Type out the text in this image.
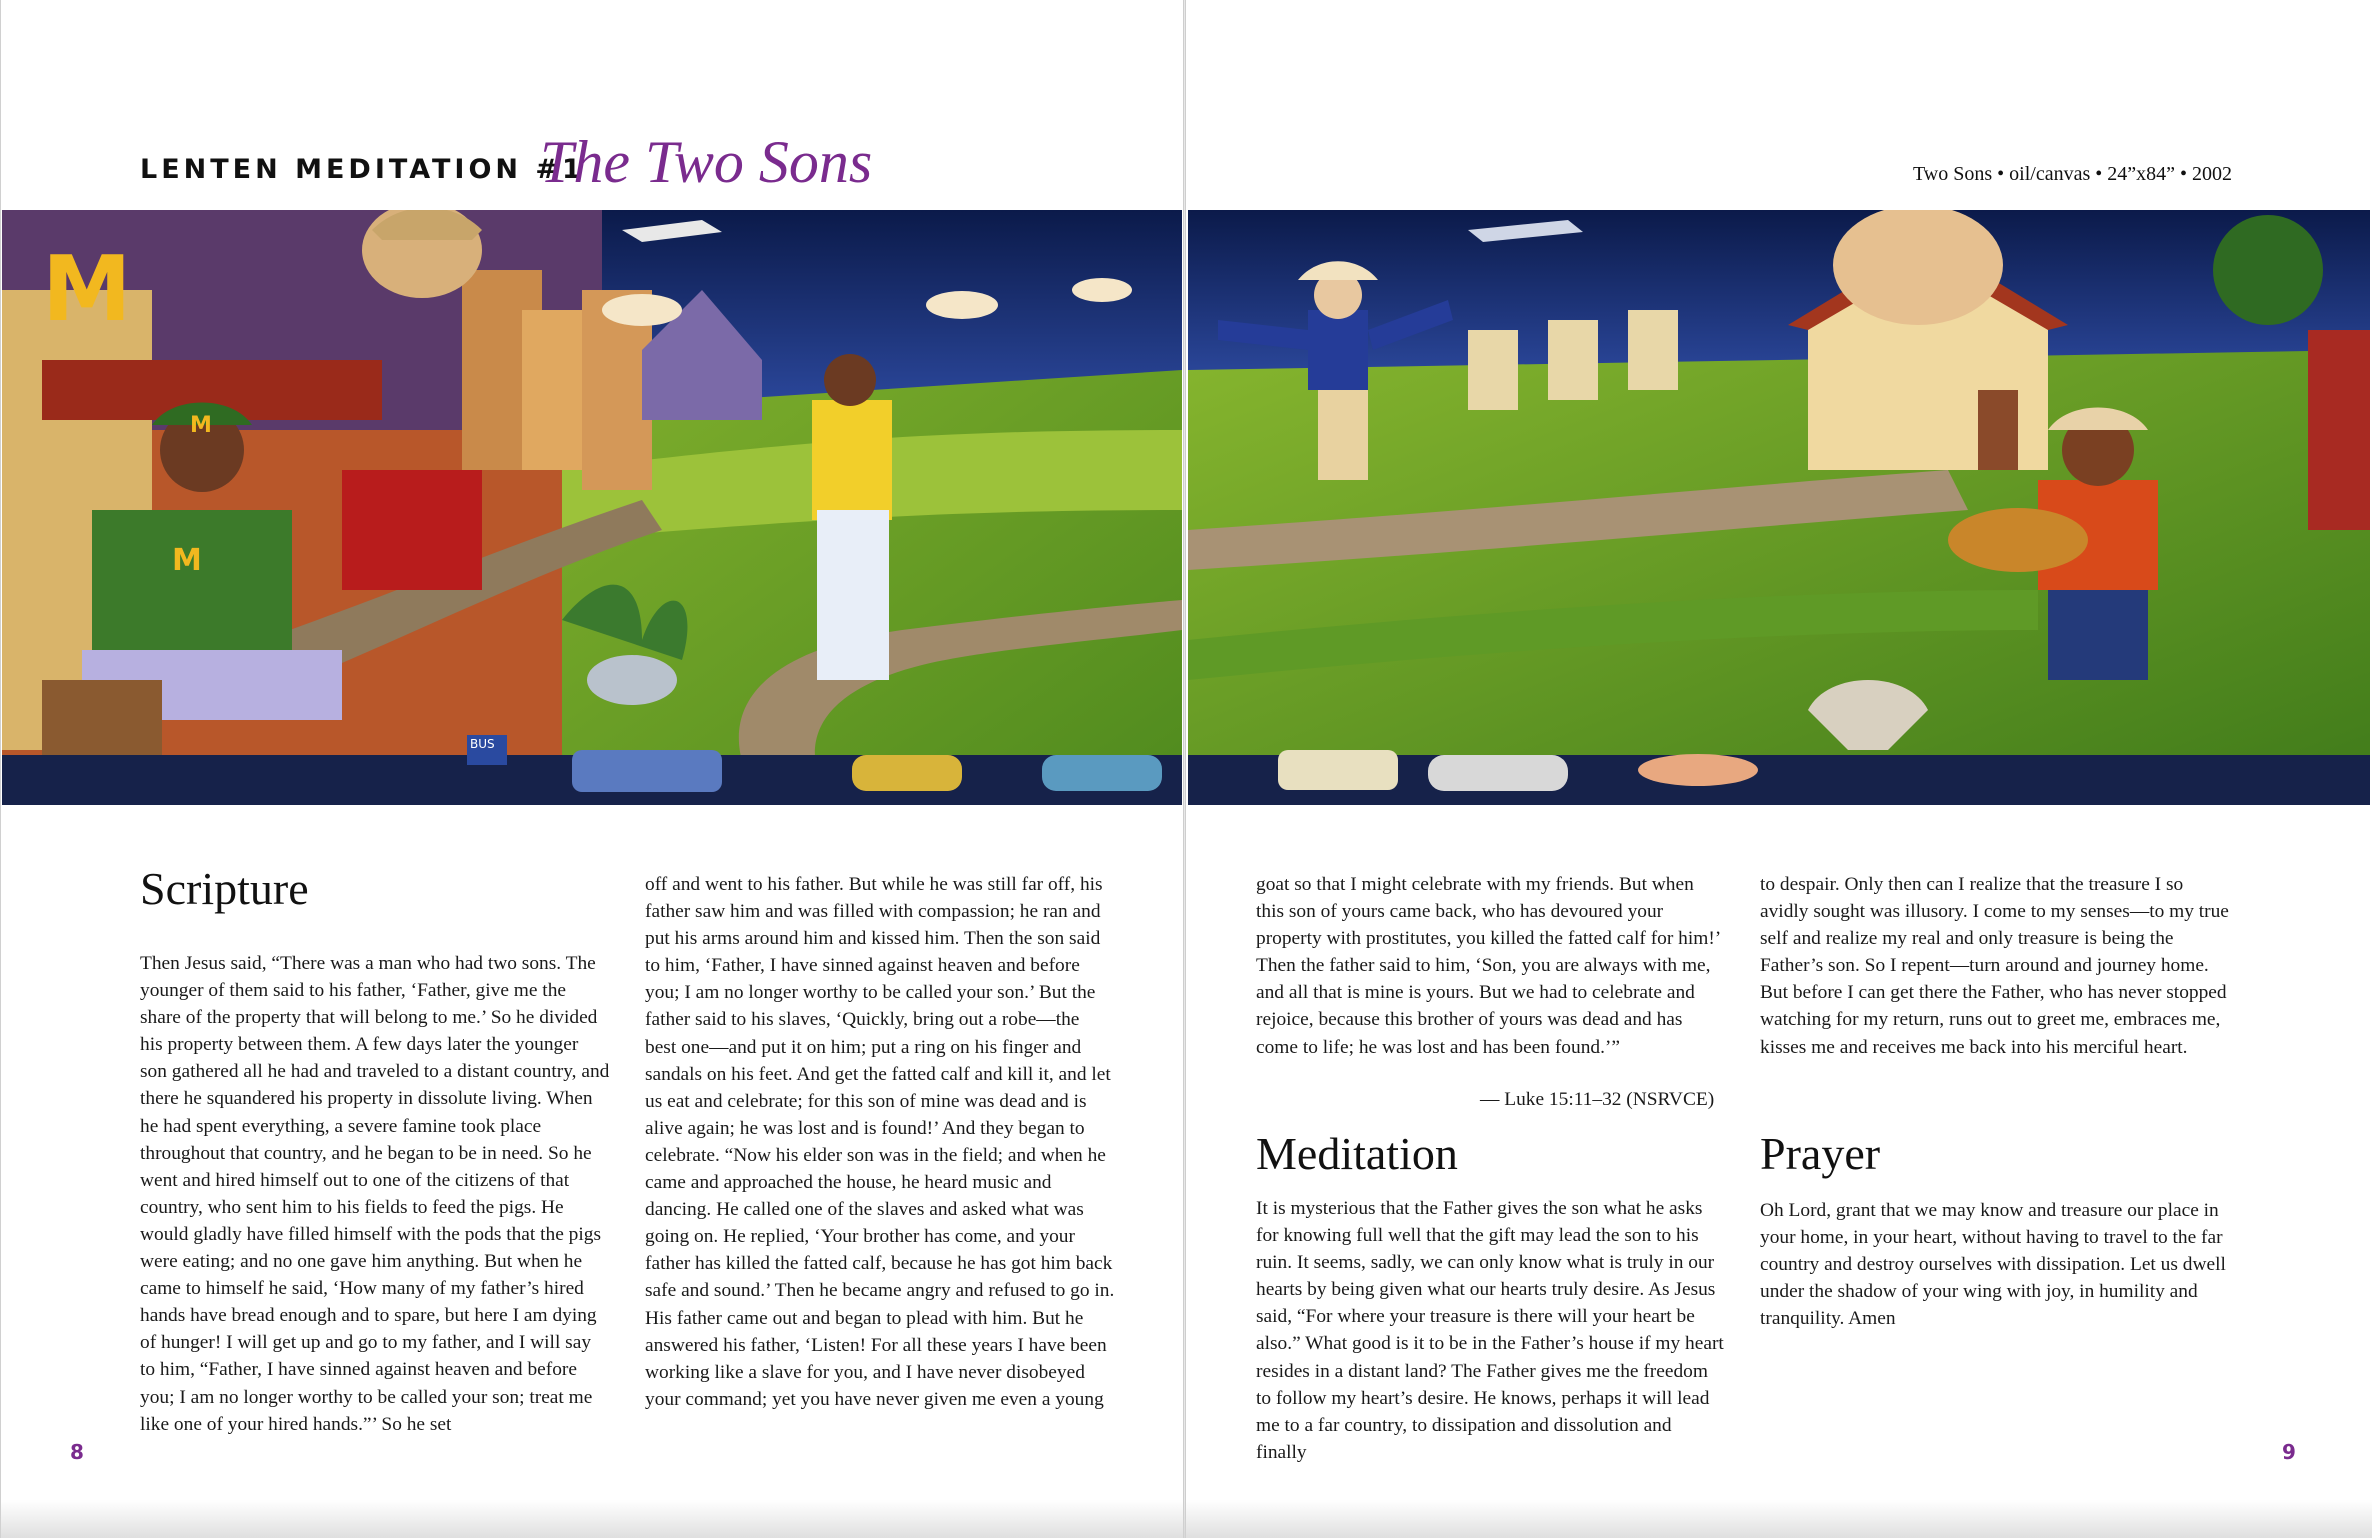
LENTEN MEDITATION #1
The Two Sons	Two Sons • oil/canvas • 24”x84” • 2002
M
M
M
BUS
Scripture

Then Jesus said, “There was a man who had two sons. The younger of them said to his father, ‘Father, give me the share of the property that will belong to me.’ So he divided his property between them. A few days later the younger son gathered all he had and traveled to a distant country, and there he squandered his property in dissolute living. When he had spent everything, a severe famine took place throughout that country, and he began to be in need. So he went and hired himself out to one of the citizens of that country, who sent him to his fields to feed the pigs. He would gladly have filled himself with the pods that the pigs were eating; and no one gave him anything. But when he came to himself he said, ‘How many of my father’s hired hands have bread enough and to spare, but here I am dying of hunger! I will get up and go to my father, and I will say to him, “Father, I have sinned against heaven and before you; I am no longer worthy to be called your son; treat me like one of your hired hands.”’ So he set

off and went to his father. But while he was still far off, his father saw him and was filled with compassion; he ran and put his arms around him and kissed him. Then the son said to him, ‘Father, I have sinned against heaven and before you; I am no longer worthy to be called your son.’ But the father said to his slaves, ‘Quickly, bring out a robe—the best one—and put it on him; put a ring on his finger and sandals on his feet. And get the fatted calf and kill it, and let us eat and celebrate; for this son of mine was dead and is alive again; he was lost and is found!’ And they began to celebrate. “Now his elder son was in the field; and when he came and approached the house, he heard music and dancing. He called one of the slaves and asked what was going on. He replied, ‘Your brother has come, and your father has killed the fatted calf, because he has got him back safe and sound.’ Then he became angry and refused to go in. His father came out and began to plead with him. But he answered his father, ‘Listen! For all these years I have been working like a slave for you, and I have never disobeyed your command; yet you have never given me even a young

goat so that I might celebrate with my friends. But when this son of yours came back, who has devoured your property with prostitutes, you killed the fatted calf for him!’ Then the father said to him, ‘Son, you are always with me, and all that is mine is yours. But we had to celebrate and rejoice, because this brother of yours was dead and has come to life; he was lost and has been found.’”

— Luke 15:11–32 (NSRVCE)
Meditation

It is mysterious that the Father gives the son what he asks for knowing full well that the gift may lead the son to his ruin. It seems, sadly, we can only know what is truly in our hearts by being given what our hearts truly desire. As Jesus said, “For where your treasure is there will your heart be also.” What good is it to be in the Father’s house if my heart resides in a distant land? The Father gives me the freedom to follow my heart’s desire. He knows, perhaps it will lead me to a far country, to dissipation and dissolution and finally

to despair. Only then can I realize that the treasure I so avidly sought was illusory. I come to my senses—to my true self and realize my real and only treasure is being the Father’s son. So I repent—turn around and journey home. But before I can get there the Father, who has never stopped watching for my return, runs out to greet me, embraces me, kisses me and receives me back into his merciful heart.

Prayer

Oh Lord, grant that we may know and treasure our place in your home, in your heart, without having to travel to the far country and destroy ourselves with dissipation. Let us dwell under the shadow of your wing with joy, in humility and tranquility. Amen

8	9
